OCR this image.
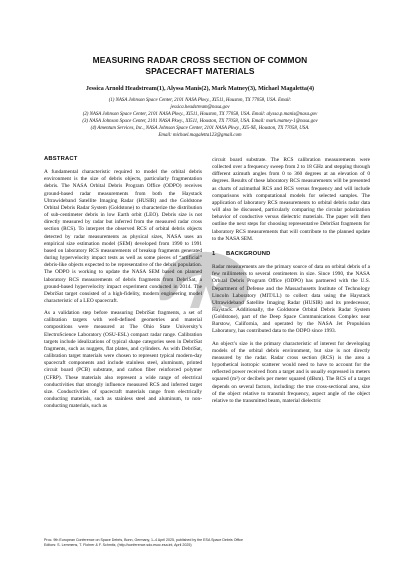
MEASURING RADAR CROSS SECTION OF COMMON
SPACECRAFT MATERIALS
Jessica Arnold Headstream(1), Alyssa Manis(2), Mark Matney(3), Michael Magaletta(4)
(1) NASA Johnson Space Center, 2101 NASA Pkwy., XI511, Houston, TX 77058, USA. Email:
jessica.headstream@nasa.gov
(2) NASA Johnson Space Center, 2101 NASA Pkwy., XI511, Houston, TX 77058, USA. Email: alyssa.p.manis@nasa.gov
(3) NASA Johnson Space Center, 2101 NASA Pkwy., XI511, Houston, TX 77058, USA. Email: mark.matney-1@nasa.gov
(4) Amentum Services, Inc., NASA Johnson Space Center, 2101 NASA Pkwy., XI5-9E, Houston, TX 77058, USA.
Email: michael.magaletta123@gmail.com
ABSTRACT

A fundamental characteristic required to model the orbital debris environment is the size of debris objects, particularly fragmentation debris. The NASA Orbital Debris Program Office (ODPO) receives ground-based radar measurements from both the Haystack Ultrawideband Satellite Imaging Radar (HUSIR) and the Goldstone Orbital Debris Radar System (Goldstone) to characterize the distribution of sub-centimeter debris in low Earth orbit (LEO). Debris size is not directly measured by radar but inferred from the measured radar cross section (RCS). To interpret the observed RCS of orbital debris objects detected by radar measurements as physical sizes, NASA uses an empirical size estimation model (SEM) developed from 1990 to 1991 based on laboratory RCS measurements of breakup fragments generated during hypervelocity impact tests as well as some pieces of “artificial” debris-like objects expected to be representative of the debris population. The ODPO is working to update the NASA SEM based on planned laboratory RCS measurements of debris fragments from DebriSat, a ground-based hypervelocity impact experiment conducted in 2014. The DebriSat target consisted of a high-fidelity, modern engineering model characteristic of a LEO spacecraft.

As a validation step before measuring DebriSat fragments, a set of calibration targets with well-defined geometries and material compositions were measured at The Ohio State University’s ElectroScience Laboratory (OSU-ESL) compact radar range. Calibration targets include idealizations of typical shape categories seen in DebriSat fragments, such as nuggets, flat plates, and cylinders. As with DebriSat, calibration target materials were chosen to represent typical modern-day spacecraft components and include stainless steel, aluminum, printed circuit board (PCB) substrate, and carbon fiber reinforced polymer (CFRP). These materials also represent a wide range of electrical conductivities that strongly influence measured RCS and inferred target size. Conductivities of spacecraft materials range from electrically conducting materials, such as stainless steel and aluminum, to non-conducting materials, such as

circuit board substrate. The RCS calibration measurements were collected over a frequency sweep from 2 to 18 GHz and stepping through different azimuth angles from 0 to 360 degrees at an elevation of 0 degrees. Results of these laboratory RCS measurements will be presented as charts of azimuthal RCS and RCS versus frequency and will include comparisons with computational models for selected samples. The application of laboratory RCS measurements to orbital debris radar data will also be discussed, particularly comparing the circular polarization behavior of conductive versus dielectric materials. The paper will then outline the next steps for choosing representative DebriSat fragments for laboratory RCS measurements that will contribute to the planned update to the NASA SEM.

1 BACKGROUND

Radar measurements are the primary source of data on orbital debris of a few millimeters to several centimeters in size. Since 1990, the NASA Orbital Debris Program Office (ODPO) has partnered with the U.S. Department of Defense and the Massachusetts Institute of Technology Lincoln Laboratory (MIT/LL) to collect data using the Haystack Ultrawideband Satellite Imaging Radar (HUSIR) and its predecessor, Haystack. Additionally, the Goldstone Orbital Debris Radar System (Goldstone), part of the Deep Space Communications Complex near Barstow, California, and operated by the NASA Jet Propulsion Laboratory, has contributed data to the ODPO since 1993.

An object’s size is the primary characteristic of interest for developing models of the orbital debris environment, but size is not directly measured by the radar. Radar cross section (RCS) is the area a hypothetical isotropic scatterer would need to have to account for the reflected power received from a target and is usually expressed in meters squared (m²) or decibels per meter squared (dBsm). The RCS of a target depends on several factors, including: the true cross-sectional area, size of the object relative to transmit frequency, aspect angle of the object relative to the transmitted beam, material dielectric

Proc. 9th European Conference on Space Debris, Bonn, Germany, 1–4 April 2025, published by the ESA Space Debris Office
Editors: S. Lemmens, T. Flohrer & F. Schmitz, (http://conference.sdo.esoc.esa.int, April 2025)
